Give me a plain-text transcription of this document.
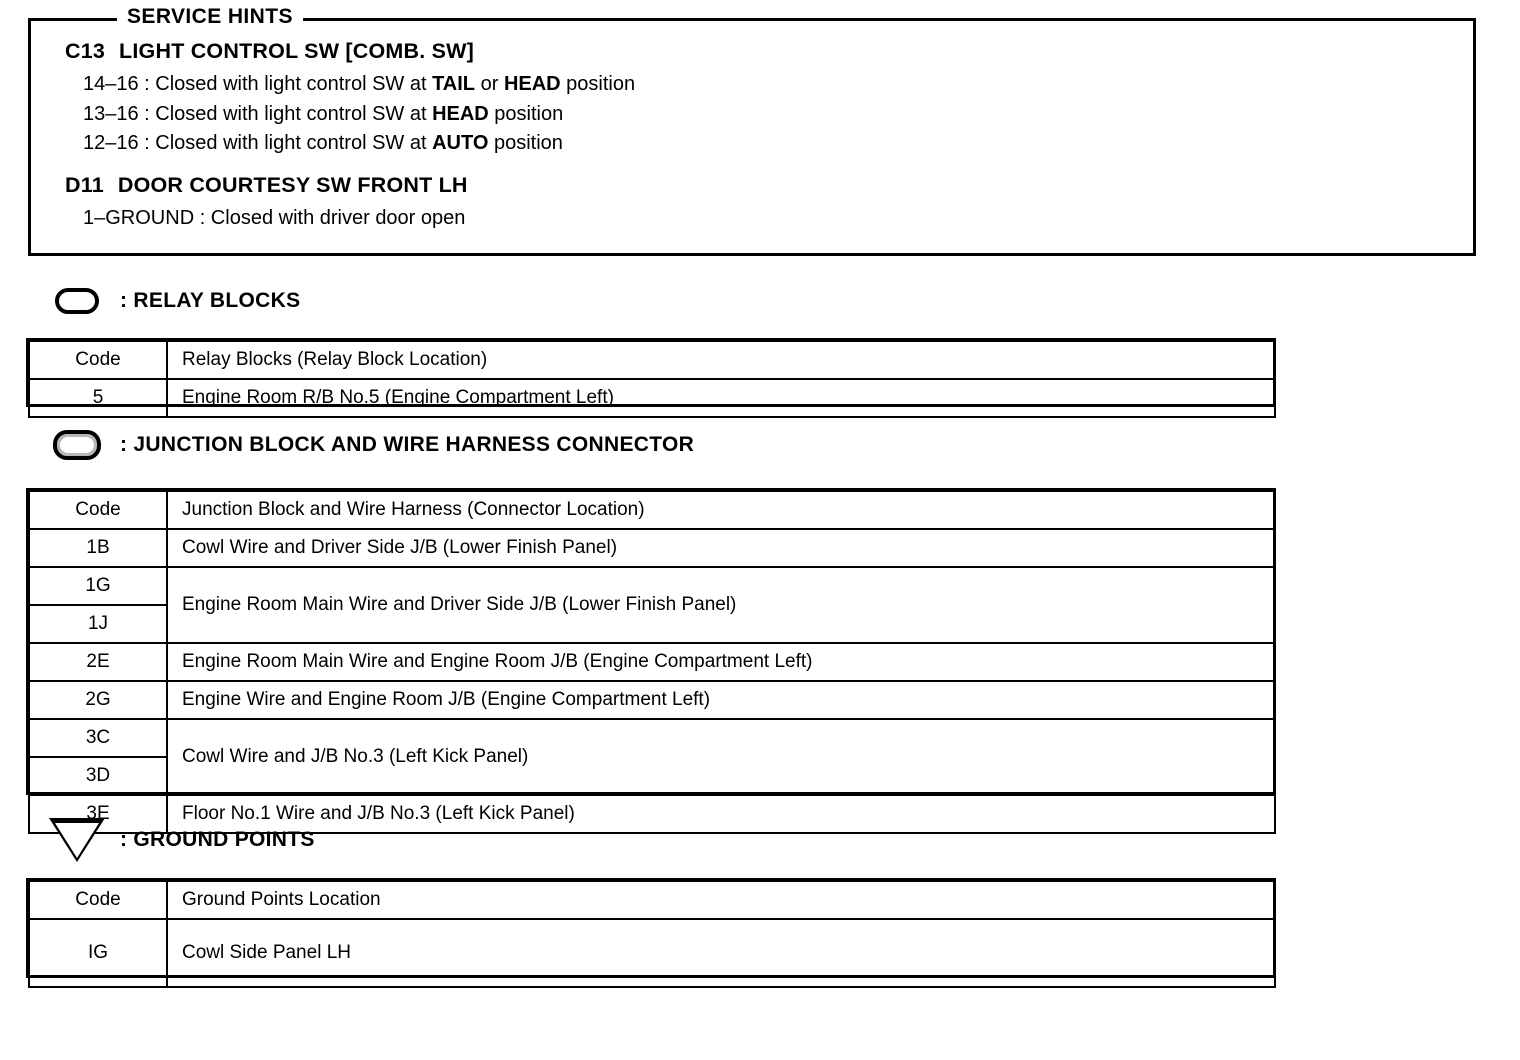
SERVICE HINTS
C13 LIGHT CONTROL SW [COMB. SW]
14–16 : Closed with light control SW at TAIL or HEAD position
13–16 : Closed with light control SW at HEAD position
12–16 : Closed with light control SW at AUTO position
D11 DOOR COURTESY SW FRONT LH
1–GROUND : Closed with driver door open
: RELAY BLOCKS
Code	Relay Blocks (Relay Block Location)
5	Engine Room R/B No.5 (Engine Compartment Left)
: JUNCTION BLOCK AND WIRE HARNESS CONNECTOR
Code	Junction Block and Wire Harness (Connector Location)
1B	Cowl Wire and Driver Side J/B (Lower Finish Panel)
1G	Engine Room Main Wire and Driver Side J/B (Lower Finish Panel)
1J	
2E	Engine Room Main Wire and Engine Room J/B (Engine Compartment Left)
2G	Engine Wire and Engine Room J/B (Engine Compartment Left)
3C	Cowl Wire and J/B No.3 (Left Kick Panel)
3D	
3E	Floor No.1 Wire and J/B No.3 (Left Kick Panel)
: GROUND POINTS
Code	Ground Points Location
IG	Cowl Side Panel LH
